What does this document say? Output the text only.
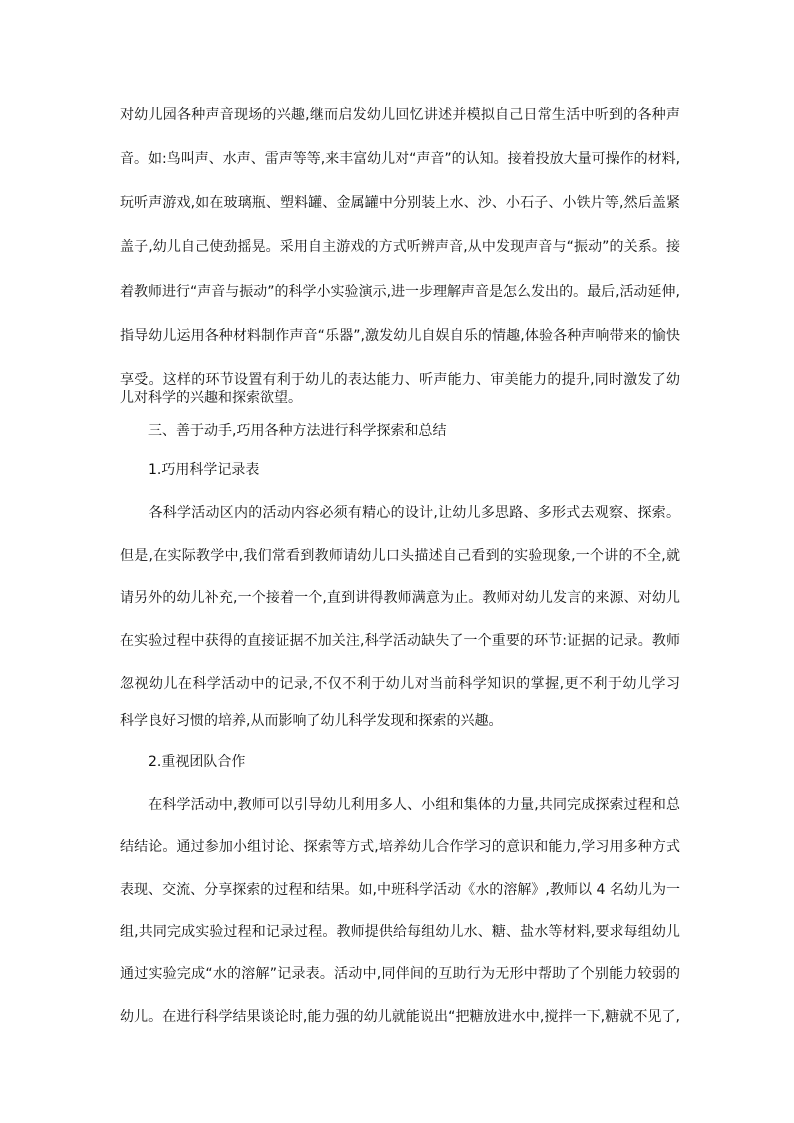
对幼儿园各种声音现场的兴趣,继而启发幼儿回忆讲述并模拟自己日常生活中听到的各种声
音。如:鸟叫声、水声、雷声等等,来丰富幼儿对“声音”的认知。接着投放大量可操作的材料,
玩听声游戏,如在玻璃瓶、塑料罐、金属罐中分别装上水、沙、小石子、小铁片等,然后盖紧
盖子,幼儿自己使劲摇晃。采用自主游戏的方式听辨声音,从中发现声音与“振动”的关系。接
着教师进行“声音与振动”的科学小实验演示,进一步理解声音是怎么发出的。最后,活动延伸,
指导幼儿运用各种材料制作声音“乐器”,激发幼儿自娱自乐的情趣,体验各种声响带来的愉快
享受。这样的环节设置有利于幼儿的表达能力、听声能力、审美能力的提升,同时激发了幼
儿对科学的兴趣和探索欲望。
　　三、善于动手,巧用各种方法进行科学探索和总结
　　1.巧用科学记录表
　　各科学活动区内的活动内容必须有精心的设计,让幼儿多思路、多形式去观察、探索。
但是,在实际教学中,我们常看到教师请幼儿口头描述自己看到的实验现象,一个讲的不全,就
请另外的幼儿补充,一个接着一个,直到讲得教师满意为止。教师对幼儿发言的来源、对幼儿
在实验过程中获得的直接证据不加关注,科学活动缺失了一个重要的环节:证据的记录。教师
忽视幼儿在科学活动中的记录,不仅不利于幼儿对当前科学知识的掌握,更不利于幼儿学习
科学良好习惯的培养,从而影响了幼儿科学发现和探索的兴趣。
　　2.重视团队合作
　　在科学活动中,教师可以引导幼儿利用多人、小组和集体的力量,共同完成探索过程和总
结结论。通过参加小组讨论、探索等方式,培养幼儿合作学习的意识和能力,学习用多种方式
表现、交流、分享探索的过程和结果。如,中班科学活动《水的溶解》,教师以 4 名幼儿为一
组,共同完成实验过程和记录过程。教师提供给每组幼儿水、糖、盐水等材料,要求每组幼儿
通过实验完成“水的溶解”记录表。活动中,同伴间的互助行为无形中帮助了个别能力较弱的
幼儿。在进行科学结果谈论时,能力强的幼儿就能说出“把糖放进水中,搅拌一下,糖就不见了,
